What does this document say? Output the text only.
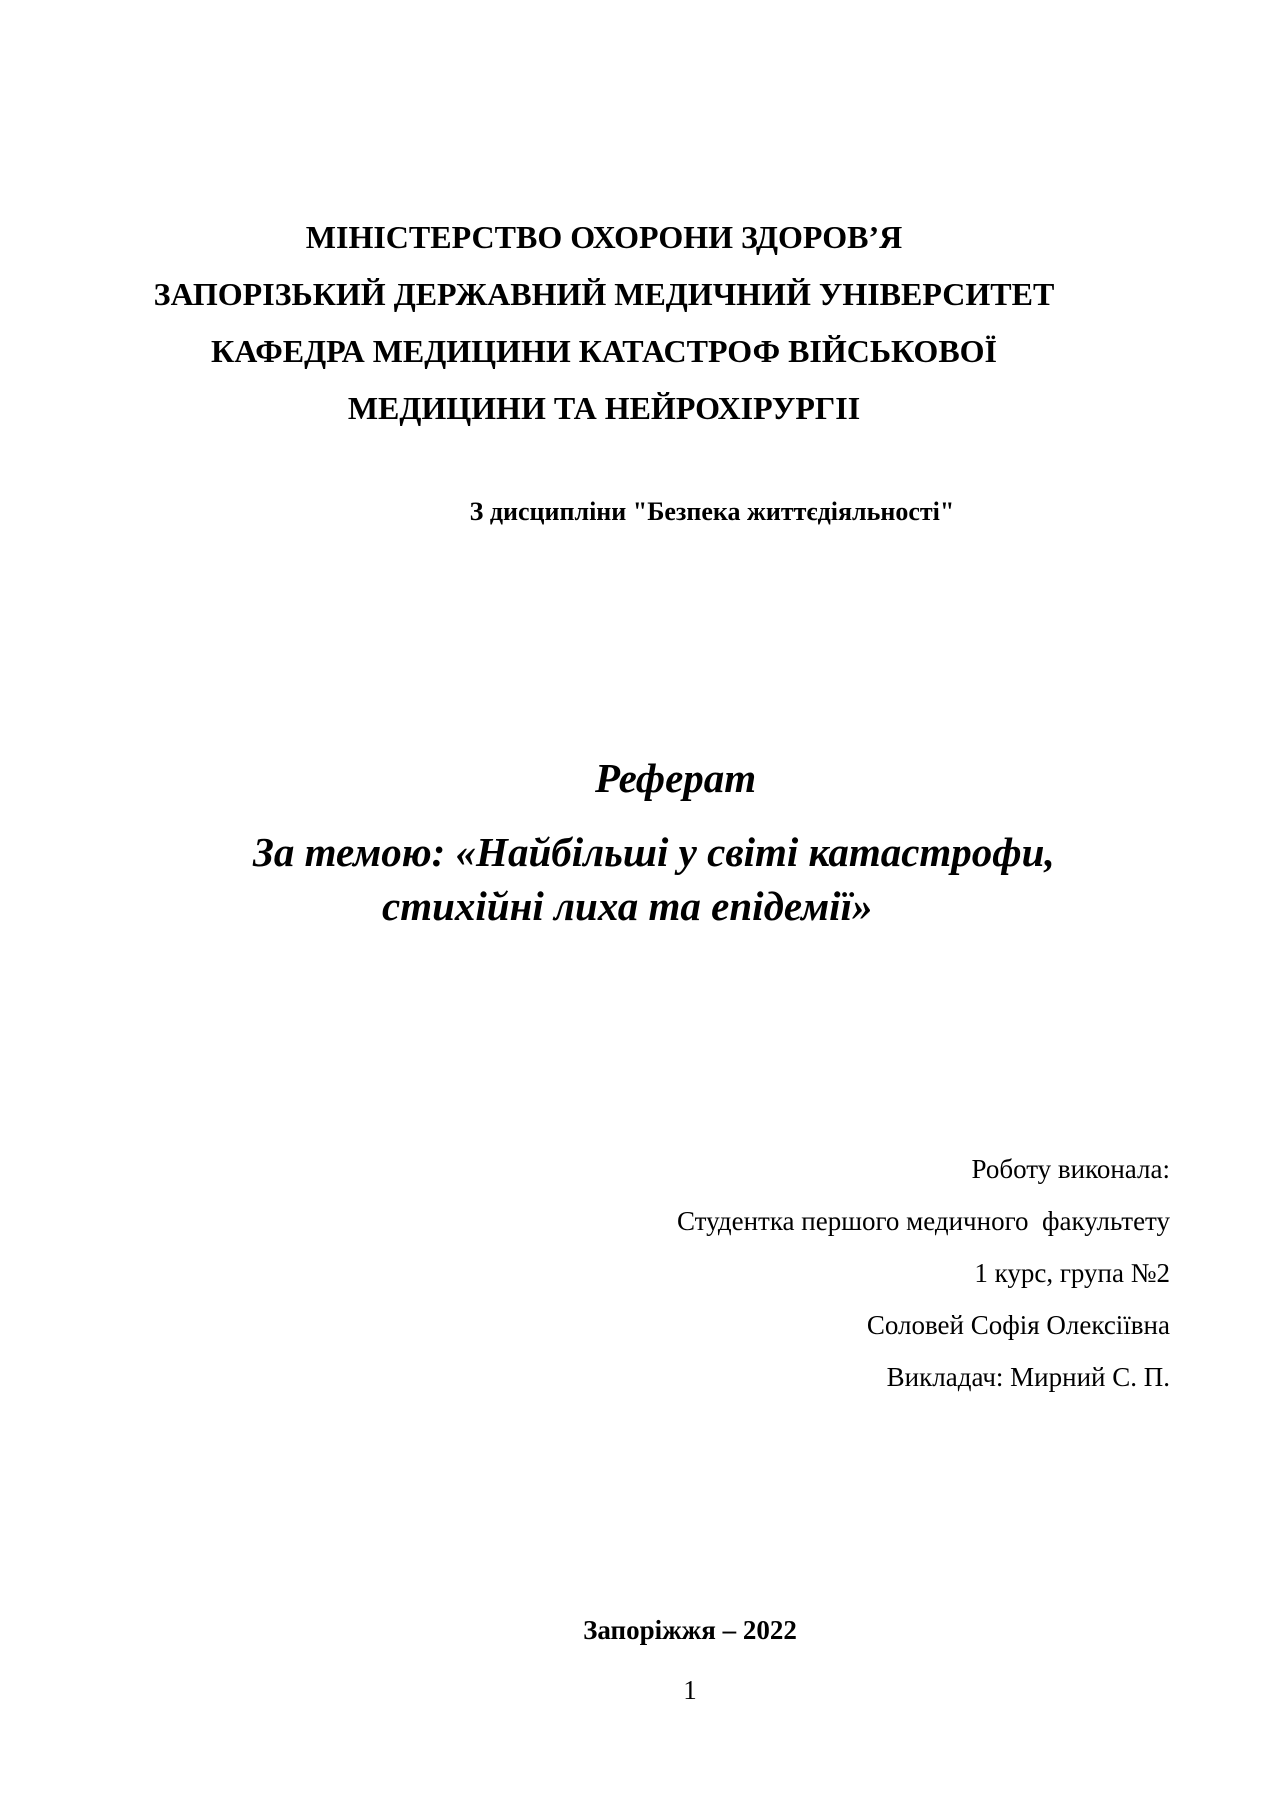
МІНІСТЕРСТВО ОХОРОНИ ЗДОРОВ’Я
ЗАПОРІЗЬКИЙ ДЕРЖАВНИЙ МЕДИЧНИЙ УНІВЕРСИТЕТ
КАФЕДРА МЕДИЦИНИ КАТАСТРОФ ВІЙСЬКОВОЇ
МЕДИЦИНИ ТА НЕЙРОХІРУРГІІ
З дисципліни "Безпека життєдіяльності"
Реферат
За темою: «Найбільші у світі катастрофи,
стихійні лиха та епідемії»
Роботу виконала:
Студентка першого медичного  факультету
1 курс, група №2
Соловей Софія Олексіївна
Викладач: Мирний С. П.
Запоріжжя – 2022
1
